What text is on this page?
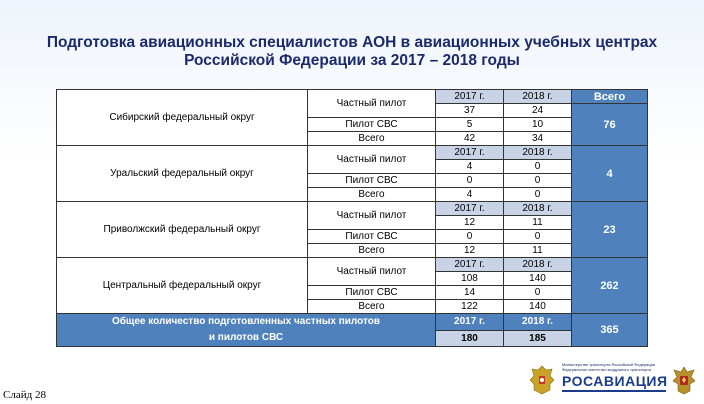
Подготовка авиационных специалистов АОН в авиационных учебных центрах
Российской Федерации за 2017 – 2018 годы
Сибирский федеральный округ	Частный пилот	2017 г.	2018 г.	Всего
		37	24	76
	Пилот СВС	5	10	
	Всего	42	34	
Уральский федеральный округ	Частный пилот	2017 г.	2018 г.	4
		4	0	
	Пилот СВС	0	0	
	Всего	4	0	
Приволжский федеральный округ	Частный пилот	2017 г.	2018 г.	23
		12	11	
	Пилот СВС	0	0	
	Всего	12	11	
Центральный федеральный округ	Частный пилот	2017 г.	2018 г.	262
		108	140	
	Пилот СВС	14	0	
	Всего	122	140	

Общее количество подготовленных частных пилотов
и пилотов СВС		2017 г.	2018 г.	365
		180	185	
Слайд 28
Министерство транспорта Российской Федерации
Федеральное агентство воздушного транспорта
РОСАВИАЦИЯ
